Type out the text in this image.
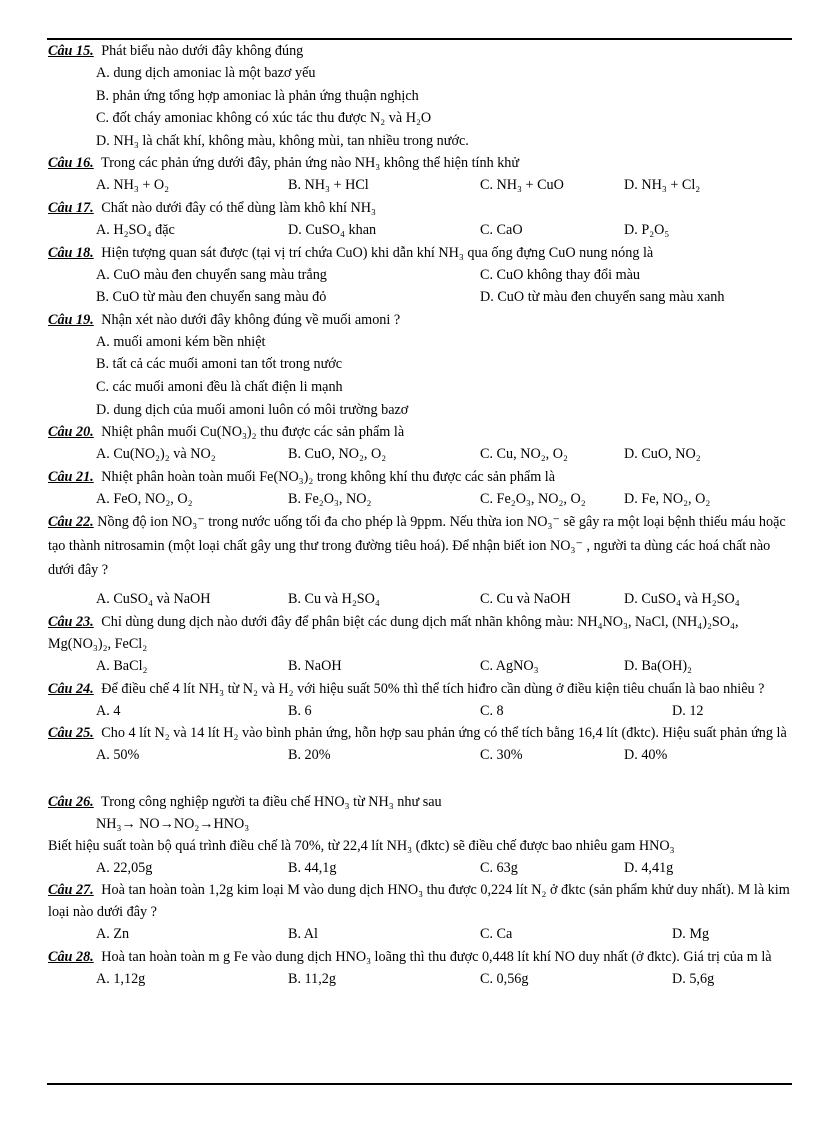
Câu 15. Phát biểu nào dưới đây không đúng

A. dung dịch amoniac là một bazơ yếu

B. phản ứng tổng hợp amoniac là phản ứng thuận nghịch

C. đốt cháy amoniac không có xúc tác thu được N₂ và H₂O

D. NH₃ là chất khí, không màu, không mùi, tan nhiều trong nước.

Câu 16. Trong các phản ứng dưới đây, phản ứng nào NH₃ không thể hiện tính khử

A. NH₃ + O₂	B. NH₃ + HCl	C. NH₃ + CuO	D. NH₃ + Cl₂

Câu 17. Chất nào dưới đây có thể dùng làm khô khí NH₃

A. H₂SO₄ đặc	D. CuSO₄ khan	C. CaO	D. P₂O₅

Câu 18. Hiện tượng quan sát được (tại vị trí chứa CuO) khi dẫn khí NH₃ qua ống đựng CuO nung nóng là

A. CuO màu đen chuyển sang màu trắng	C. CuO không thay đổi màu
B. CuO từ màu đen chuyển sang màu đỏ	D. CuO từ màu đen chuyển sang màu xanh

Câu 19. Nhận xét nào dưới đây không đúng về muối amoni ?

A. muối amoni kém bền nhiệt

B. tất cả các muối amoni tan tốt trong nước

C. các muối amoni đều là chất điện li mạnh

D. dung dịch của muối amoni luôn có môi trường bazơ

Câu 20. Nhiệt phân muối Cu(NO₃)₂ thu được các sản phẩm là

A. Cu(NO₂)₂ và NO₂	B. CuO, NO₂, O₂	C. Cu, NO₂, O₂	D. CuO, NO₂

Câu 21. Nhiệt phân hoàn toàn muối Fe(NO₃)₂ trong không khí thu được các sản phẩm là

A. FeO, NO₂, O₂	B. Fe₂O₃, NO₂	C. Fe₂O₃, NO₂, O₂	D. Fe, NO₂, O₂

Câu 22. Nồng độ ion NO₃⁻ trong nước uống tối đa cho phép là 9ppm. Nếu thừa ion NO₃⁻ sẽ gây ra một loại bệnh thiếu máu hoặc tạo thành nitrosamin (một loại chất gây ung thư trong đường tiêu hoá). Để nhận biết ion NO₃⁻ , người ta dùng các hoá chất nào dưới đây ?

A. CuSO₄ và NaOH	B. Cu và H₂SO₄	C. Cu và NaOH	D. CuSO₄ và H₂SO₄

Câu 23. Chỉ dùng dung dịch nào dưới đây để phân biệt các dung dịch mất nhãn không màu: NH₄NO₃, NaCl, (NH₄)₂SO₄, Mg(NO₃)₂, FeCl₂

A. BaCl₂	B. NaOH	C. AgNO₃	D. Ba(OH)₂

Câu 24. Để điều chế 4 lít NH₃ từ N₂ và H₂ với hiệu suất 50% thì thể tích hiđro cần dùng ở điều kiện tiêu chuẩn là bao nhiêu ?

A. 4	B. 6	C. 8	D. 12

Câu 25. Cho 4 lít N₂ và 14 lít H₂ vào bình phản ứng, hỗn hợp sau phản ứng có thể tích bằng 16,4 lít (đktc). Hiệu suất phản ứng là

A. 50%	B. 20%	C. 30%	D. 40%

Câu 26. Trong công nghiệp người ta điều chế HNO₃ từ NH₃ như sau

NH₃→ NO→NO₂→HNO₃

Biết hiệu suất toàn bộ quá trình điều chế là 70%, từ 22,4 lít NH₃ (đktc) sẽ điều chế được bao nhiêu gam HNO₃

A. 22,05g	B. 44,1g	C. 63g	D. 4,41g

Câu 27. Hoà tan hoàn toàn 1,2g kim loại M vào dung dịch HNO₃ thu được 0,224 lít N₂ ở đktc (sản phẩm khử duy nhất). M là kim loại nào dưới đây ?

A. Zn	B. Al	C. Ca	D. Mg

Câu 28. Hoà tan hoàn toàn m g Fe vào dung dịch HNO₃ loãng thì thu được 0,448 lít khí NO duy nhất (ở đktc). Giá trị của m là

A. 1,12g	B. 11,2g	C. 0,56g	D. 5,6g
